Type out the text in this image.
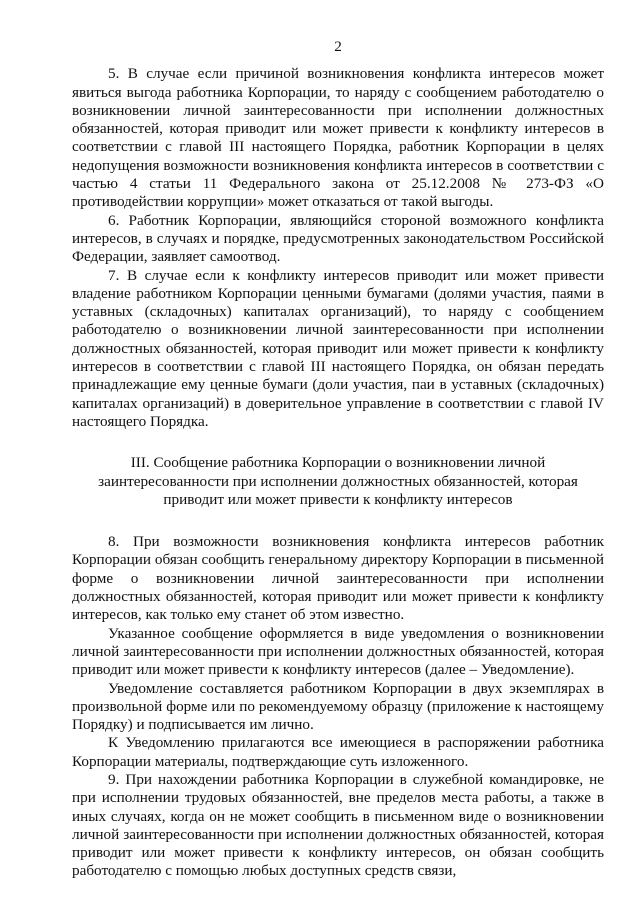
2

5. В случае если причиной возникновения конфликта интересов может явиться выгода работника Корпорации, то наряду с сообщением работодателю о возникновении личной заинтересованности при исполнении должностных обязанностей, которая приводит или может привести к конфликту интересов в соответствии с главой III настоящего Порядка, работник Корпорации в целях недопущения возможности возникновения конфликта интересов в соответствии с частью 4 статьи 11 Федерального закона от 25.12.2008 № 273-ФЗ «О противодействии коррупции» может отказаться от такой выгоды.

6. Работник Корпорации, являющийся стороной возможного конфликта интересов, в случаях и порядке, предусмотренных законодательством Российской Федерации, заявляет самоотвод.

7. В случае если к конфликту интересов приводит или может привести владение работником Корпорации ценными бумагами (долями участия, паями в уставных (складочных) капиталах организаций), то наряду с сообщением работодателю о возникновении личной заинтересованности при исполнении должностных обязанностей, которая приводит или может привести к конфликту интересов в соответствии с главой III настоящего Порядка, он обязан передать принадлежащие ему ценные бумаги (доли участия, паи в уставных (складочных) капиталах организаций) в доверительное управление в соответствии с главой IV настоящего Порядка.

III. Сообщение работника Корпорации о возникновении личной заинтересованности при исполнении должностных обязанностей, которая приводит или может привести к конфликту интересов

8. При возможности возникновения конфликта интересов работник Корпорации обязан сообщить генеральному директору Корпорации в письменной форме о возникновении личной заинтересованности при исполнении должностных обязанностей, которая приводит или может привести к конфликту интересов, как только ему станет об этом известно.

Указанное сообщение оформляется в виде уведомления о возникновении личной заинтересованности при исполнении должностных обязанностей, которая приводит или может привести к конфликту интересов (далее – Уведомление).

Уведомление составляется работником Корпорации в двух экземплярах в произвольной форме или по рекомендуемому образцу (приложение к настоящему Порядку) и подписывается им лично.

К Уведомлению прилагаются все имеющиеся в распоряжении работника Корпорации материалы, подтверждающие суть изложенного.

9. При нахождении работника Корпорации в служебной командировке, не при исполнении трудовых обязанностей, вне пределов места работы, а также в иных случаях, когда он не может сообщить в письменном виде о возникновении личной заинтересованности при исполнении должностных обязанностей, которая приводит или может привести к конфликту интересов, он обязан сообщить работодателю с помощью любых доступных средств связи,
